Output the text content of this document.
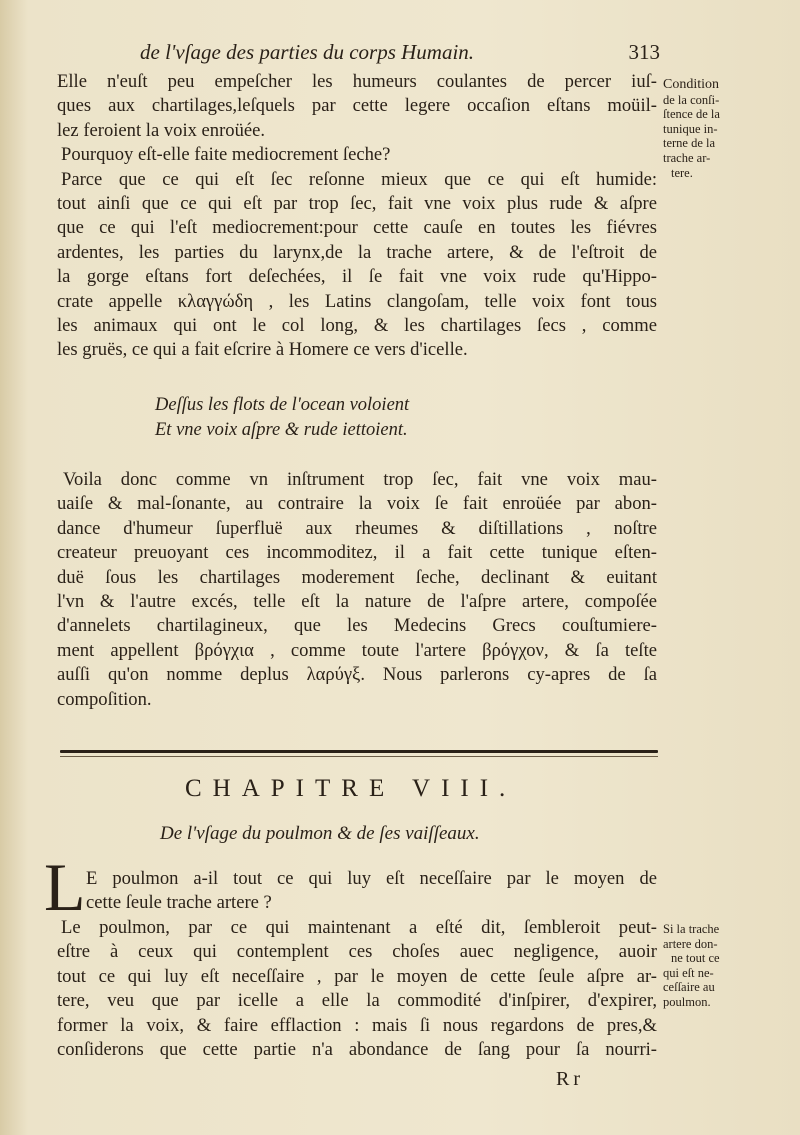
de l'vſage des parties du corps Humain.	313
Elle n'euſt peu empeſcher les humeurs coulantes de percer iuſ-
ques aux chartilages,leſquels par cette legere occaſion eſtans moüil-
lez feroient la voix enroüée.
Pourquoy eſt-elle faite mediocrement ſeche?
Parce que ce qui eſt ſec reſonne mieux que ce qui eſt humide:
tout ainſi que ce qui eſt par trop ſec, fait vne voix plus rude & aſpre
que ce qui l'eſt mediocrement:pour cette cauſe en toutes les fiévres
ardentes, les parties du larynx,de la trache artere, & de l'eſtroit de
la gorge eſtans fort deſechées, il ſe fait vne voix rude qu'Hippo-
crate appelle κλαγγώδη , les Latins clangoſam, telle voix font tous
les animaux qui ont le col long, & les chartilages ſecs , comme
les gruës, ce qui a fait eſcrire à Homere ce vers d'icelle.
Deſſus les flots de l'ocean voloient
Et vne voix aſpre & rude iettoient.
Voila donc comme vn inſtrument trop ſec, fait vne voix mau-
uaiſe & mal-ſonante, au contraire la voix ſe fait enroüée par abon-
dance d'humeur ſuperfluë aux rheumes & diſtillations , noſtre
createur preuoyant ces incommoditez, il a fait cette tunique eſten-
duë ſous les chartilages moderement ſeche, declinant & euitant
l'vn & l'autre excés, telle eſt la nature de l'aſpre artere, compoſée
d'annelets chartilagineux, que les Medecins Grecs couſtumiere-
ment appellent βρόγχια , comme toute l'artere βρόγχον, & ſa teſte
auſſi qu'on nomme deplus λαρύγξ. Nous parlerons cy-apres de ſa
compoſition.
CHAPITRE VIII.
De l'vſage du poulmon & de ſes vaiſſeaux.
L E poulmon a-il tout ce qui luy eſt neceſſaire par le moyen de
cette ſeule trache artere ?
Le poulmon, par ce qui maintenant a eſté dit, ſembleroit peut-
eſtre à ceux qui contemplent ces choſes auec negligence, auoir
tout ce qui luy eſt neceſſaire , par le moyen de cette ſeule aſpre ar-
tere, veu que par icelle a elle la commodité d'inſpirer, d'expirer,
former la voix, & faire efflaction : mais ſi nous regardons de pres,&
conſiderons que cette partie n'a abondance de ſang pour ſa nourri-
Rr
Condition
de la conſi-
ſtence de la
tunique in-
terne de la
trache ar-
tere.
Si la trache
artere don-
ne tout ce
qui eſt ne-
ceſſaire au
poulmon.
